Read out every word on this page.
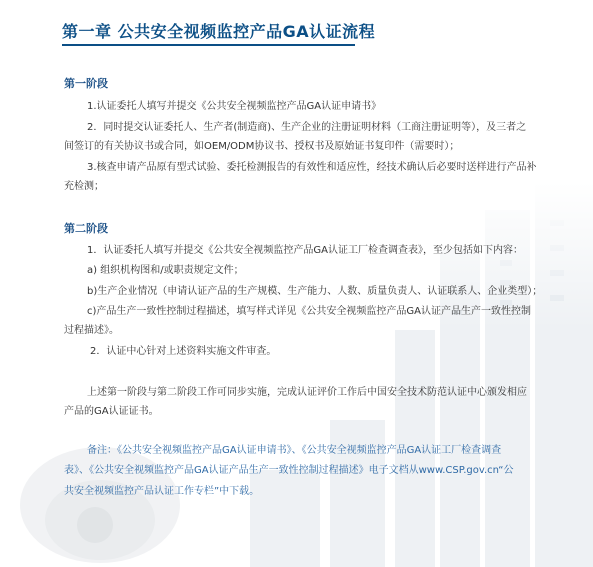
第一章 公共安全视频监控产品GA认证流程
第一阶段
1.认证委托人填写并提交《公共安全视频监控产品GA认证申请书》
2．同时提交认证委托人、生产者(制造商)、生产企业的注册证明材料（工商注册证明等），及三者之
间签订的有关协议书或合同，如OEM/ODM协议书、授权书及原始证书复印件（需要时）；
3.核查申请产品原有型式试验、委托检测报告的有效性和适应性，经技术确认后必要时送样进行产品补
充检测；
第二阶段
1．认证委托人填写并提交《公共安全视频监控产品GA认证工厂检查调查表》，至少包括如下内容：
a) 组织机构图和/或职责规定文件；
b)生产企业情况（申请认证产品的生产规模、生产能力、人数、质量负责人、认证联系人、企业类型）；
c)产品生产一致性控制过程描述，填写样式详见《公共安全视频监控产品GA认证产品生产一致性控制
过程描述》。
2．认证中心针对上述资料实施文件审查。
上述第一阶段与第二阶段工作可同步实施，完成认证评价工作后中国安全技术防范认证中心颁发相应
产品的GA认证证书。
备注：《公共安全视频监控产品GA认证申请书》、《公共安全视频监控产品GA认证工厂检查调查
表》、《公共安全视频监控产品GA认证产品生产一致性控制过程描述》电子文档从www.CSP.gov.cn“公
共安全视频监控产品认证工作专栏”中下载。
